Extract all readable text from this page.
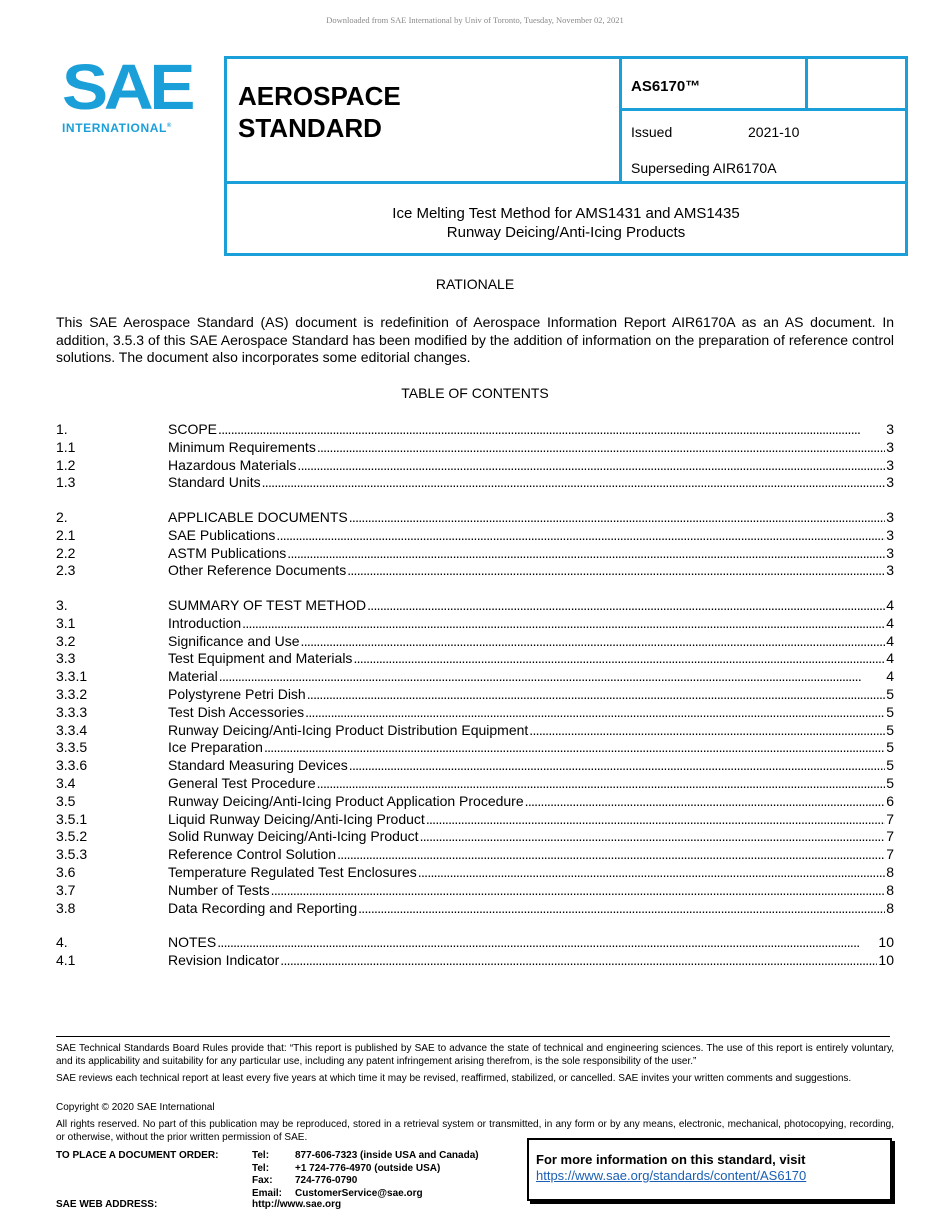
Downloaded from SAE International by Univ of Toronto, Tuesday, November 02, 2021
SAE
INTERNATIONAL®
AEROSPACE
STANDARD
AS6170™
Issued	2021-10
Superseding AIR6170A
Ice Melting Test Method for AMS1431 and AMS1435
Runway Deicing/Anti-Icing Products
RATIONALE
This SAE Aerospace Standard (AS) document is redefinition of Aerospace Information Report AIR6170A as an AS document. In addition, 3.5.3 of this SAE Aerospace Standard has been modified by the addition of information on the preparation of reference control solutions. The document also incorporates some editorial changes.
TABLE OF CONTENTS
1.	SCOPE . . .	3
1.1	Minimum Requirements . . .	3
1.2	Hazardous Materials . . .	3
1.3	Standard Units . . .	3
2.	APPLICABLE DOCUMENTS . . .	3
2.1	SAE Publications . . .	3
2.2	ASTM Publications . . .	3
2.3	Other Reference Documents . . .	3
3.	SUMMARY OF TEST METHOD . . .	4
3.1	Introduction . . .	4
3.2	Significance and Use . . .	4
3.3	Test Equipment and Materials . . .	4
3.3.1	Material . . .	4
3.3.2	Polystyrene Petri Dish . . .	5
3.3.3	Test Dish Accessories . . .	5
3.3.4	Runway Deicing/Anti-Icing Product Distribution Equipment . . .	5
3.3.5	Ice Preparation . . .	5
3.3.6	Standard Measuring Devices . . .	5
3.4	General Test Procedure . . .	5
3.5	Runway Deicing/Anti-Icing Product Application Procedure . . .	6
3.5.1	Liquid Runway Deicing/Anti-Icing Product . . .	7
3.5.2	Solid Runway Deicing/Anti-Icing Product . . .	7
3.5.3	Reference Control Solution . . .	7
3.6	Temperature Regulated Test Enclosures . . .	8
3.7	Number of Tests . . .	8
3.8	Data Recording and Reporting . . .	8
4.	NOTES . . .	10
4.1	Revision Indicator . . .	10
SAE Technical Standards Board Rules provide that: “This report is published by SAE to advance the state of technical and engineering sciences. The use of this report is entirely voluntary, and its applicability and suitability for any particular use, including any patent infringement arising therefrom, is the sole responsibility of the user.”
SAE reviews each technical report at least every five years at which time it may be revised, reaffirmed, stabilized, or cancelled. SAE invites your written comments and suggestions.
Copyright © 2020 SAE International
All rights reserved. No part of this publication may be reproduced, stored in a retrieval system or transmitted, in any form or by any means, electronic, mechanical, photocopying, recording, or otherwise, without the prior written permission of SAE.
TO PLACE A DOCUMENT ORDER:	Tel:	877-606-7323 (inside USA and Canada)
Tel:	+1 724-776-4970 (outside USA)
Fax: 724-776-0790
Email: CustomerService@sae.org
SAE WEB ADDRESS:	http://www.sae.org
For more information on this standard, visit
https://www.sae.org/standards/content/AS6170
